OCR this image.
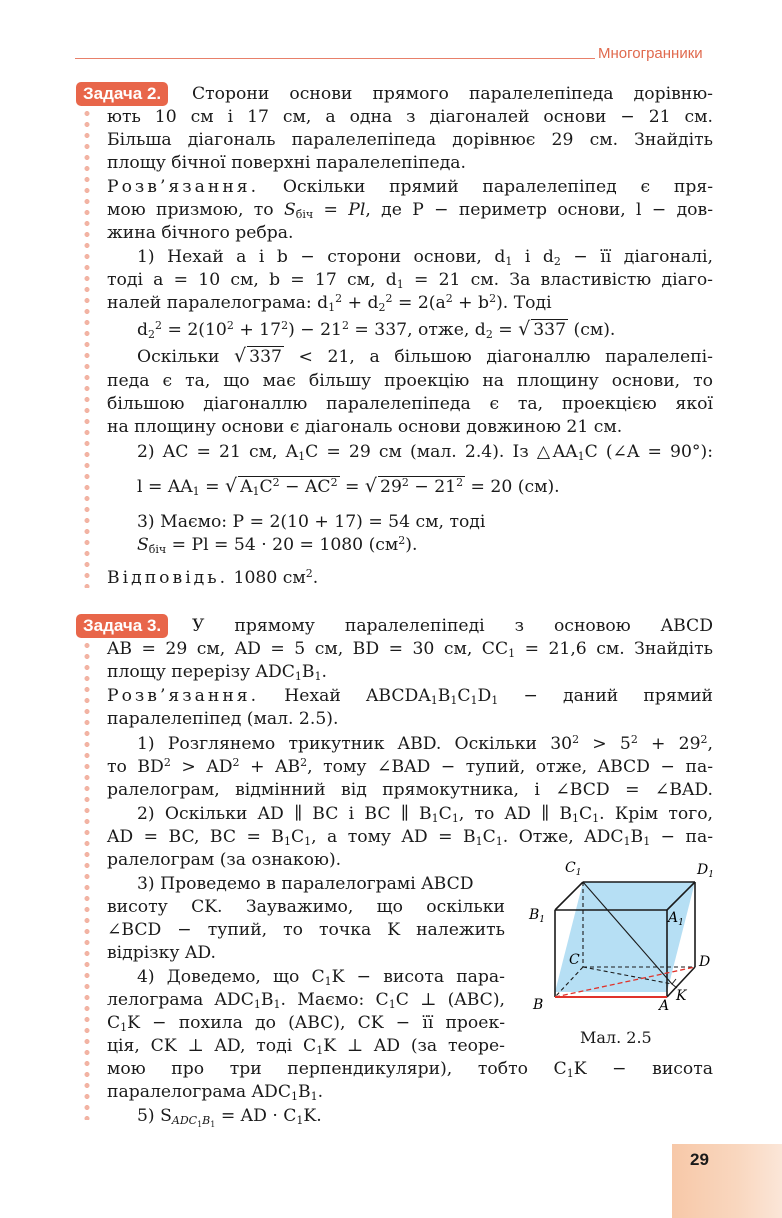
Многогранники
Задача 2.	Сторони основи прямого паралелепіпеда дорівню-
ють 10 см і 17 см, а одна з діагоналей основи − 21 см.
Більша діагональ паралелепіпеда дорівнює 29 см. Знайдіть
площу бічної поверхні паралелепіпеда.
Розв’язання. Оскільки прямий паралелепіпед є пря-
мою призмою, то $S_{біч} = Pl$, де P − периметр основи, l − дов-
жина бічного ребра.
1) Нехай a і b − сторони основи, $d_1$ і $d_2$ − її діагоналі,
тоді a = 10 см, b = 17 см, $d_1 = 21$ см. За властивістю діаго-
налей паралелограма: $d_1^2 + d_2^2 = 2(a^2 + b^2)$. Тоді
$d_2^2 = 2(10^2 + 17^2) - 21^2 = 337$, отже, $d_2$ = √ 337 (см).
Оскільки √ 337 < 21, а більшою діагоналлю паралелепі-
педа є та, що має більшу проекцію на площину основи, то
більшою діагоналлю паралелепіпеда є та, проекцією якої
на площину основи є діагональ основи довжиною 21 см.
2) AC = 21 см, $A_1C = 29$ см (мал. 2.4). Із $\triangle AA_1C$ (∠A = 90°):
$l = AA_1$ = √ $A_1C^2 - AC^2$ = √ $29^2 - 21^2 = 20$ (см).
3) Маємо: P = 2(10 + 17) = 54 см, тоді
$S_{біч} = Pl = 54 \cdot 20 = 1080$ $(см^2)$.
Відповідь. 1080 $см^2$.
Задача 3.	У прямому паралелепіпеді з основою ABCD
AB = 29 см, AD = 5 см, BD = 30 см, $CC_1 = 21,6$ см. Знайдіть
площу перерізу $ADC_1B_1$.
Розв’язання. Нехай $ABCDA_1B_1C_1D_1$ − даний прямий
паралелепіпед (мал. 2.5).
1) Розглянемо трикутник ABD. Оскільки $30^2 > 5^2 + 29^2$,
то $BD^2 > AD^2 + AB^2$, тому ∠BAD − тупий, отже, ABCD − па-
ралелограм, відмінний від прямокутника, і ∠BCD = ∠BAD.
2) Оскільки AD ∥ BC і BC ∥ $B_1C_1$, то AD ∥ $B_1C_1$. Крім того,
AD = BC, BC = $B_1C_1$, а тому AD = $B_1C_1$. Отже, $ADC_1B_1 - па-$
ралелограм (за ознакою).
3) Проведемо в паралелограмі ABCD
висоту CK. Зауважимо, що оскільки
∠BCD − тупий, то точка K належить
відрізку AD.
4) Доведемо, що $C_1K$ − висота пара-
лелограма $ADC_1B_1$. Маємо: $C_1C$ ⊥ (ABC),
$C_1K$ − похила до (ABC), CK − її проек-
ція, CK ⊥ AD, тоді $C_1K$ ⊥ AD (за теоре-
мою про три перпендикуляри), тобто $C_1K$ − висота
паралелограма $ADC_1B_1$.
5) $S_{ADC_1B_1}$ = AD · $C_1K$.
$C_1$	$D_1$
$B_1$	$A_1$
C	D
B	A
K
Мал. 2.5
29
